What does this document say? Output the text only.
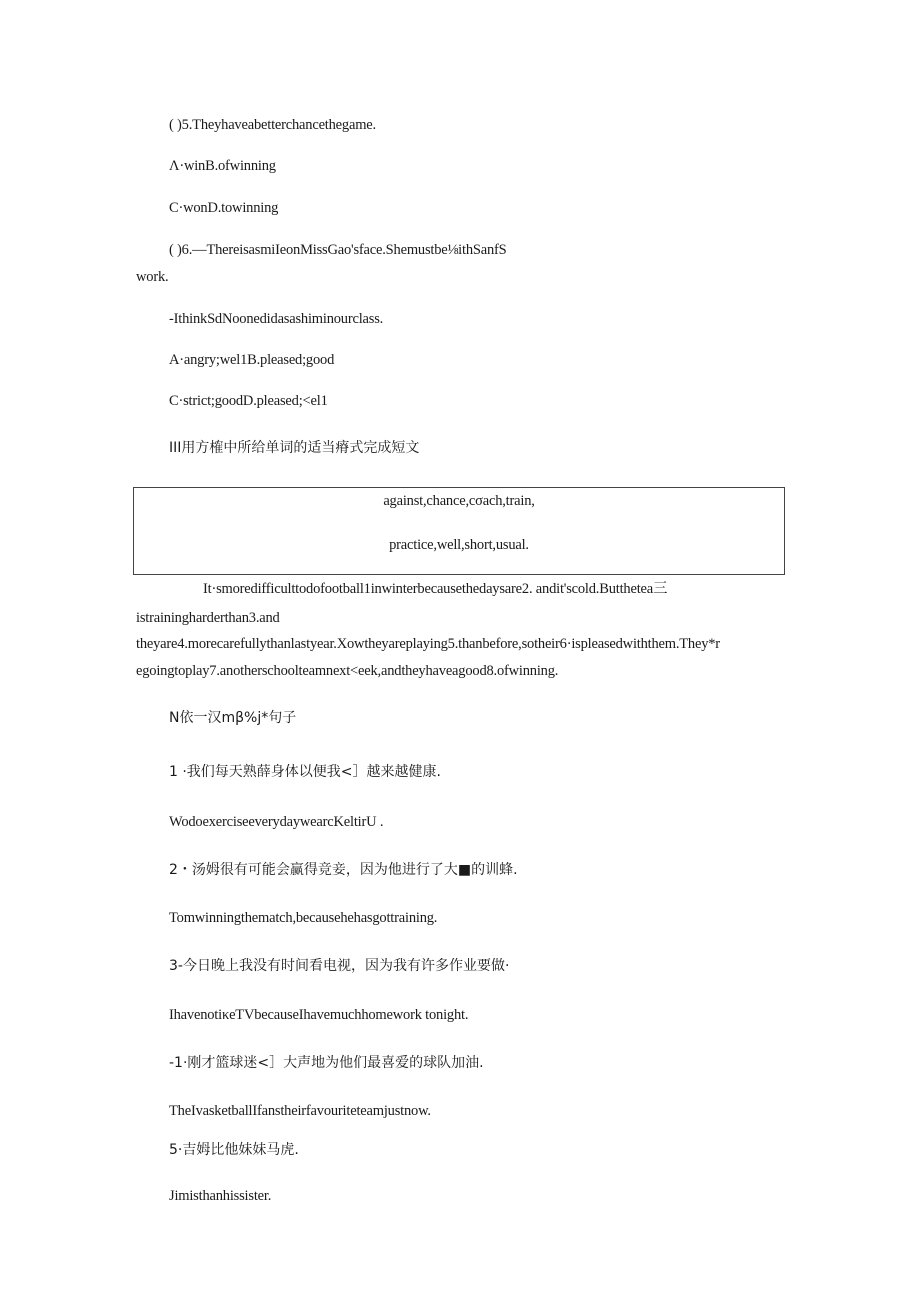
( )5.Theyhaveabetterchancethegame.
Λ·winB.ofwinning
C·wonD.towinning
( )6.—ThereisasmiIeonMissGao'sface.Shemustbe⅛ithSanfS
work.
-IthinkSdNoonedidasashiminourclass.
A·angry;wel1B.pleased;good
C·strict;goodD.pleased;<el1
III用方榷中所给单词的适当瘠式完成短文
against,chance,cσach,train,
practice,well,short,usual.
It·smoredifficulttodofootball1inwinterbecausethedaysare2. andit'scold.Butthetea三
istrainingharderthan3.and
theyare4.morecarefullythanlastyear.Xowtheyareplaying5.thanbefore,sotheir6·ispleasedwiththem.They*r
egoingtoplay7.anotherschoolteamnext<eek,andtheyhaveagood8.ofwinning.
N依一汉mβ%j*句子
1 ·我们每天熟薛身体以便我<］越来越健康.
WodoexerciseeverydaywearcKeltirU .
2・汤姆很有可能会赢得竞妾，因为他进行了大■的训蜂.
Tomwinningthematch,becausehehasgottraining.
3-今日晚上我没有时间看电视，因为我有许多作业要做·
IhavenotiκeTVbecauseIhavemuchhomework tonight.
-1·刚才篮球迷<］大声地为他们最喜爱的球队加油.
TheIvasketballIfanstheirfavouriteteamjustnow.
5·吉姆比他妹妹马虎.
Jimisthanhissister.
